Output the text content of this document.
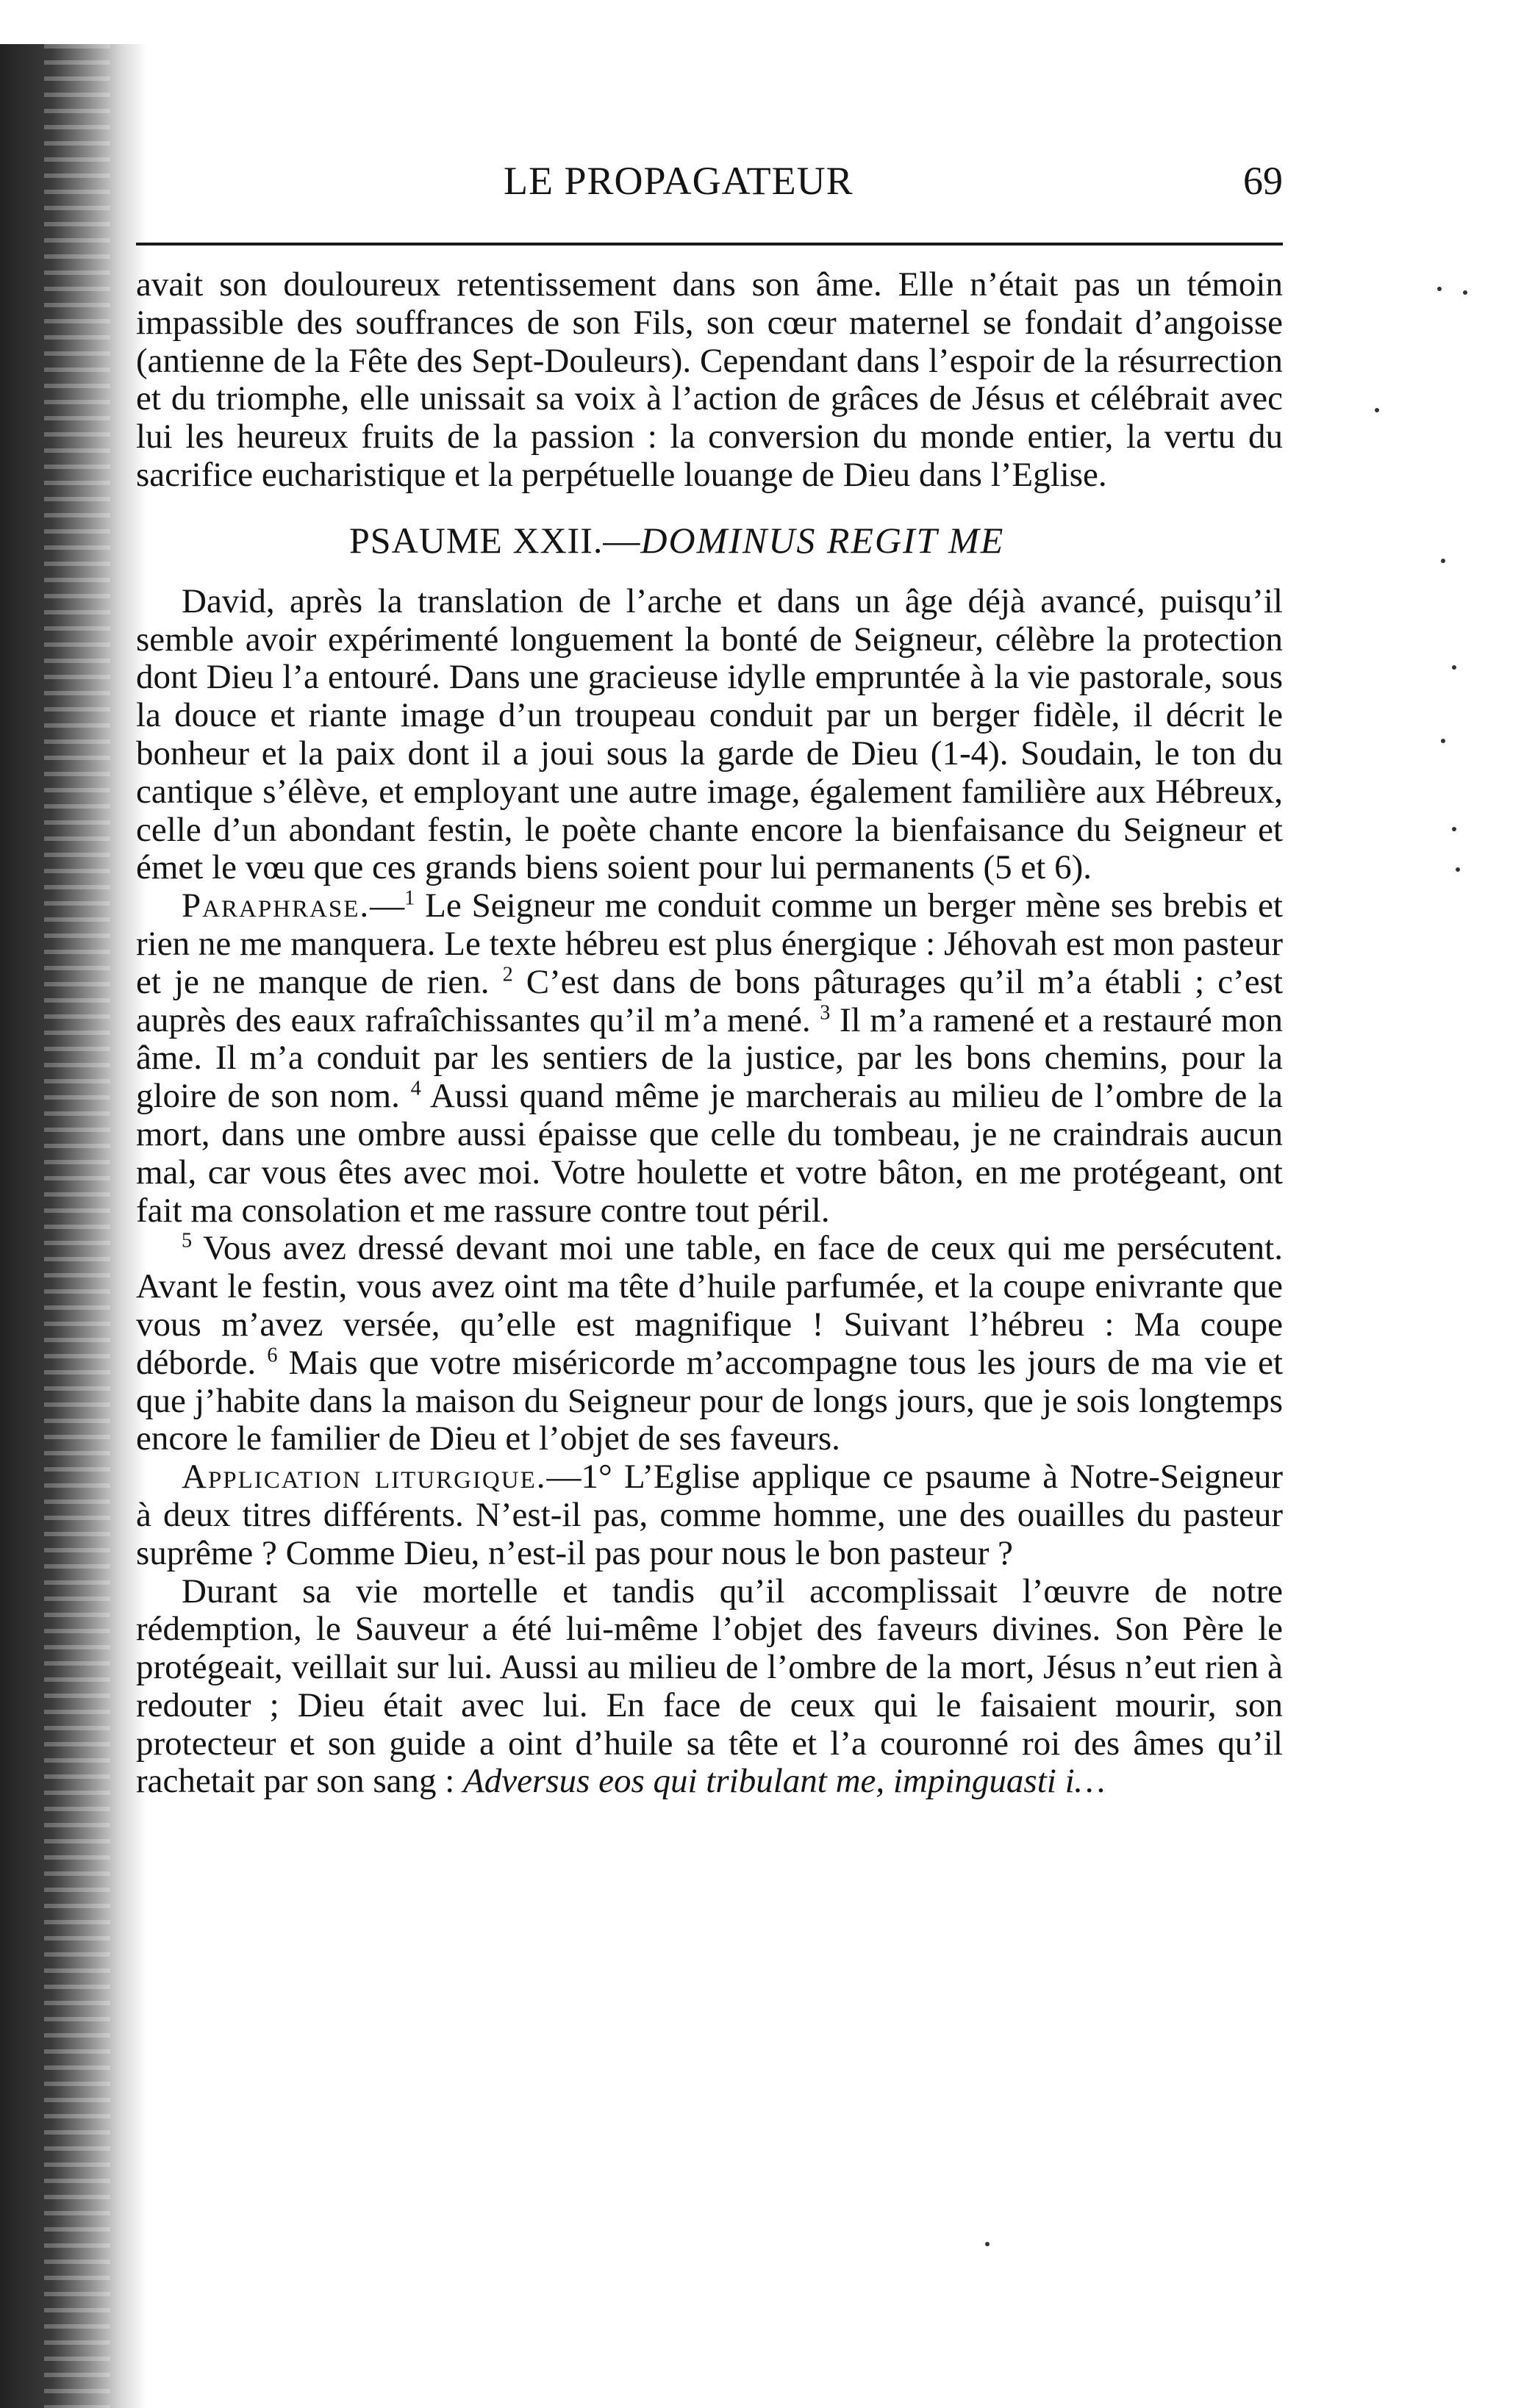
LE PROPAGATEUR	69

avait son douloureux retentissement dans son âme. Elle n’était pas un témoin impassible des souffrances de son Fils, son cœur maternel se fondait d’angoisse (antienne de la Fête des Sept-Douleurs). Cependant dans l’espoir de la résurrection et du triomphe, elle unissait sa voix à l’action de grâces de Jésus et célébrait avec lui les heureux fruits de la passion : la conversion du monde entier, la vertu du sacrifice eucharistique et la perpétuelle louange de Dieu dans l’Eglise.

PSAUME XXII.—DOMINUS REGIT ME

David, après la translation de l’arche et dans un âge déjà avancé, puisqu’il semble avoir expérimenté longuement la bonté de Seigneur, célèbre la protection dont Dieu l’a entouré. Dans une gracieuse idylle empruntée à la vie pastorale, sous la douce et riante image d’un troupeau conduit par un berger fidèle, il décrit le bonheur et la paix dont il a joui sous la garde de Dieu (1-4). Soudain, le ton du cantique s’élève, et employant une autre image, également familière aux Hébreux, celle d’un abondant festin, le poète chante encore la bienfaisance du Seigneur et émet le vœu que ces grands biens soient pour lui permanents (5 et 6).

Paraphrase.—$^1$ Le Seigneur me conduit comme un berger mène ses brebis et rien ne me manquera. Le texte hébreu est plus énergique : Jéhovah est mon pasteur et je ne manque de rien. $^2$ C’est dans de bons pâturages qu’il m’a établi ; c’est auprès des eaux rafraîchissantes qu’il m’a mené. $^3$ Il m’a ramené et a restauré mon âme. Il m’a conduit par les sentiers de la justice, par les bons chemins, pour la gloire de son nom. $^4$ Aussi quand même je marcherais au milieu de l’ombre de la mort, dans une ombre aussi épaisse que celle du tombeau, je ne craindrais aucun mal, car vous êtes avec moi. Votre houlette et votre bâton, en me protégeant, ont fait ma consolation et me rassure contre tout péril.

$^5$ Vous avez dressé devant moi une table, en face de ceux qui me persécutent. Avant le festin, vous avez oint ma tête d’huile parfumée, et la coupe enivrante que vous m’avez versée, qu’elle est magnifique ! Suivant l’hébreu : Ma coupe déborde. $^6$ Mais que votre miséricorde m’accompagne tous les jours de ma vie et que j’habite dans la maison du Seigneur pour de longs jours, que je sois longtemps encore le familier de Dieu et l’objet de ses faveurs.

Application liturgique.—1° L’Eglise applique ce psaume à Notre-Seigneur à deux titres différents. N’est-il pas, comme homme, une des ouailles du pasteur suprême ? Comme Dieu, n’est-il pas pour nous le bon pasteur ?

Durant sa vie mortelle et tandis qu’il accomplissait l’œuvre de notre rédemption, le Sauveur a été lui-même l’objet des faveurs divines. Son Père le protégeait, veillait sur lui. Aussi au milieu de l’ombre de la mort, Jésus n’eut rien à redouter ; Dieu était avec lui. En face de ceux qui le faisaient mourir, son protecteur et son guide a oint d’huile sa tête et l’a couronné roi des âmes qu’il rachetait par son sang : Adversus eos qui tribulant me, impinguasti i…
